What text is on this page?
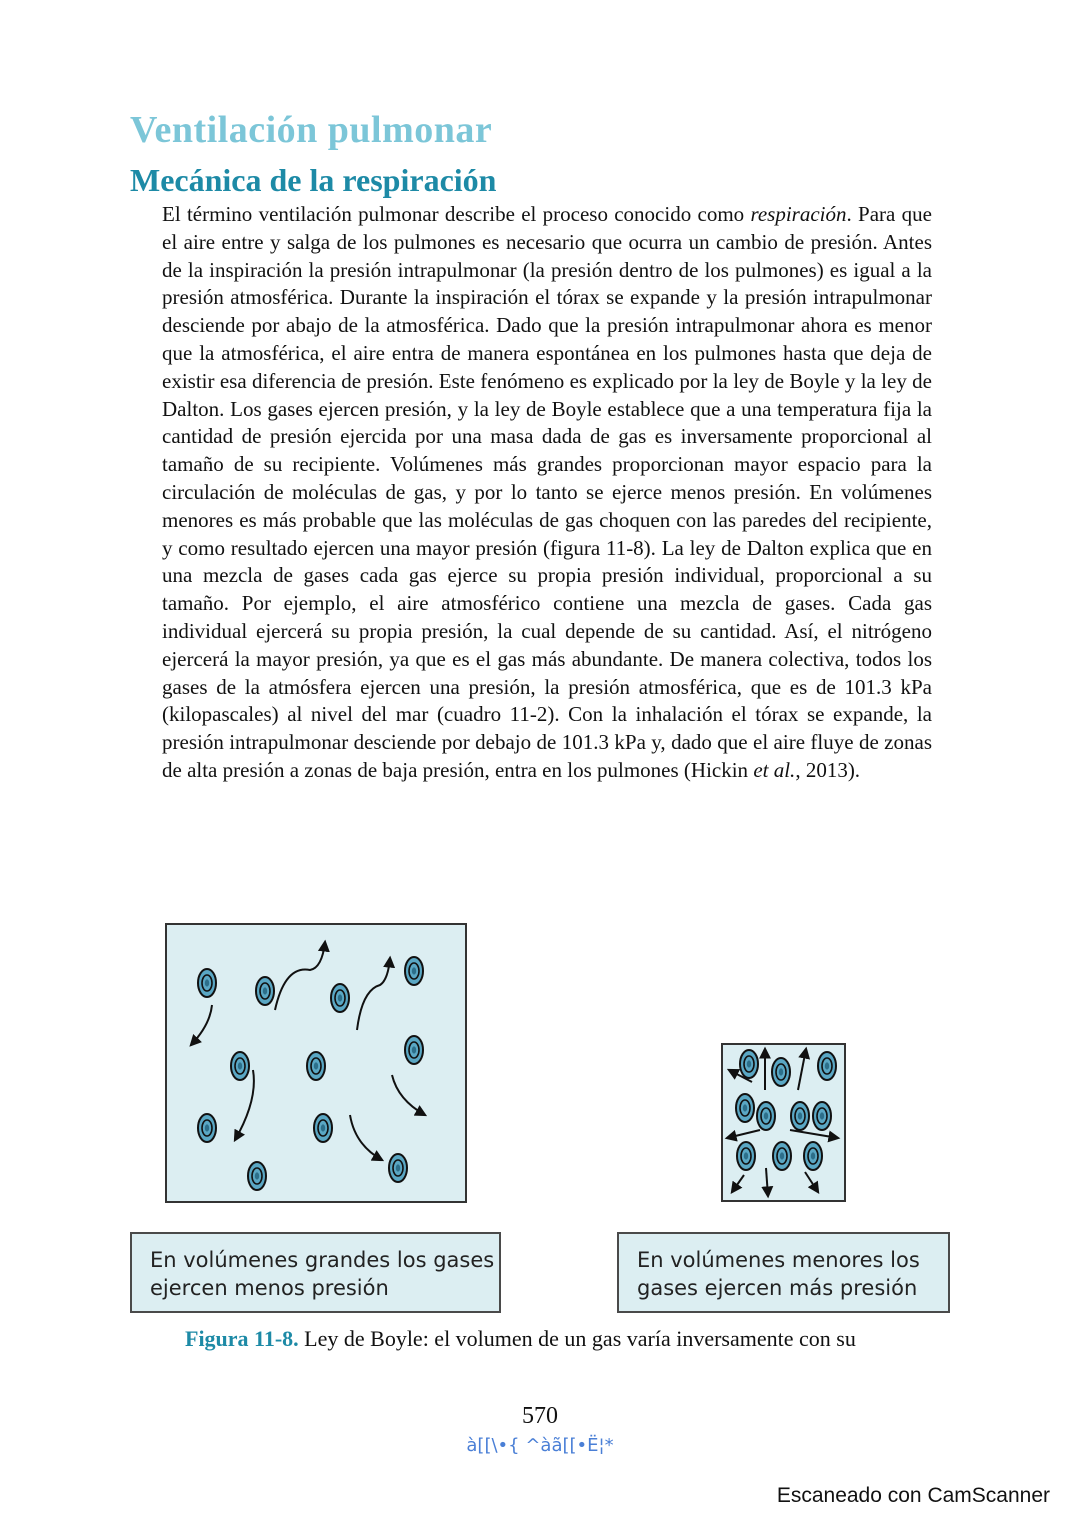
Ventilación pulmonar
Mecánica de la respiración
El término ventilación pulmonar describe el proceso conocido como respiración. Para que el aire entre y salga de los pulmones es necesario que ocurra un cambio de presión. Antes de la inspiración la presión intrapulmonar (la presión dentro de los pulmones) es igual a la presión atmosférica. Durante la inspiración el tórax se expande y la presión intrapulmonar desciende por abajo de la atmosférica. Dado que la presión intrapulmonar ahora es menor que la atmosférica, el aire entra de manera espontánea en los pulmones hasta que deja de existir esa diferencia de presión. Este fenómeno es explicado por la ley de Boyle y la ley de Dalton. Los gases ejercen presión, y la ley de Boyle establece que a una temperatura fija la cantidad de presión ejercida por una masa dada de gas es inversamente proporcional al tamaño de su recipiente. Volúmenes más grandes proporcionan mayor espacio para la circulación de moléculas de gas, y por lo tanto se ejerce menos presión. En volúmenes menores es más probable que las moléculas de gas choquen con las paredes del recipiente, y como resultado ejercen una mayor presión (figura 11-8). La ley de Dalton explica que en una mezcla de gases cada gas ejerce su propia presión individual, proporcional a su tamaño. Por ejemplo, el aire atmosférico contiene una mezcla de gases. Cada gas individual ejercerá su propia presión, la cual depende de su cantidad. Así, el nitrógeno ejercerá la mayor presión, ya que es el gas más abundante. De manera colectiva, todos los gases de la atmósfera ejercen una presión, la presión atmosférica, que es de 101.3 kPa (kilopascales) al nivel del mar (cuadro 11-2). Con la inhalación el tórax se expande, la presión intrapulmonar desciende por debajo de 101.3 kPa y, dado que el aire fluye de zonas de alta presión a zonas de baja presión, entra en los pulmones (Hickin et al., 2013).
En volúmenes grandes los gases
ejercen menos presión
En volúmenes menores los
gases ejercen más presión
Figura 11-8. Ley de Boyle: el volumen de un gas varía inversamente con su
570
à[[\•{ ^àã[[•Ë¦*
Escaneado con CamScanner
